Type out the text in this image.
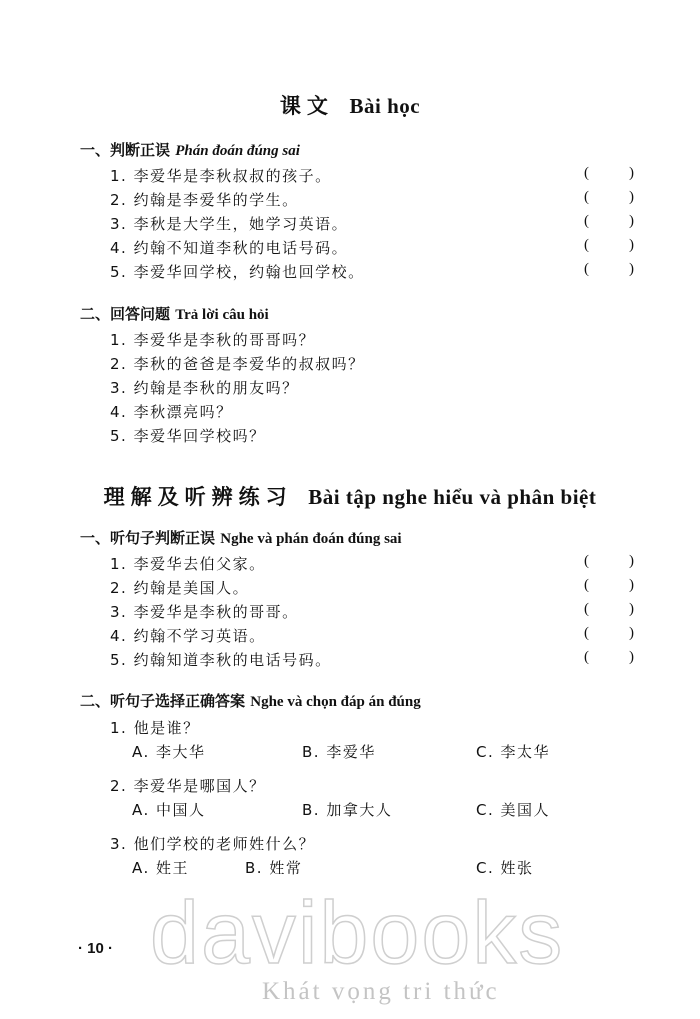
课文 Bài học
一、判断正误 Phán đoán đúng sai
1. 李爱华是李秋叔叔的孩子。
2. 约翰是李爱华的学生。
3. 李秋是大学生，她学习英语。
4. 约翰不知道李秋的电话号码。
5. 李爱华回学校，约翰也回学校。
(	)
(	)
(	)
(	)
(	)
二、回答问题 Trả lời câu hỏi
1. 李爱华是李秋的哥哥吗？
2. 李秋的爸爸是李爱华的叔叔吗？
3. 约翰是李秋的朋友吗？
4. 李秋漂亮吗？
5. 李爱华回学校吗？
理解及听辨练习 Bài tập nghe hiểu và phân biệt
一、听句子判断正误 Nghe và phán đoán đúng sai
1. 李爱华去伯父家。
2. 约翰是美国人。
3. 李爱华是李秋的哥哥。
4. 约翰不学习英语。
5. 约翰知道李秋的电话号码。
(	)
(	)
(	)
(	)
(	)
二、听句子选择正确答案 Nghe và chọn đáp án đúng
1. 他是谁？
A. 李大华	B. 李爱华	C. 李太华
2. 李爱华是哪国人？
A. 中国人	B. 加拿大人	C. 美国人
3. 他们学校的老师姓什么？
A. 姓王	B. 姓常	C. 姓张
· 10 · davibooks
Khát vọng tri thức
